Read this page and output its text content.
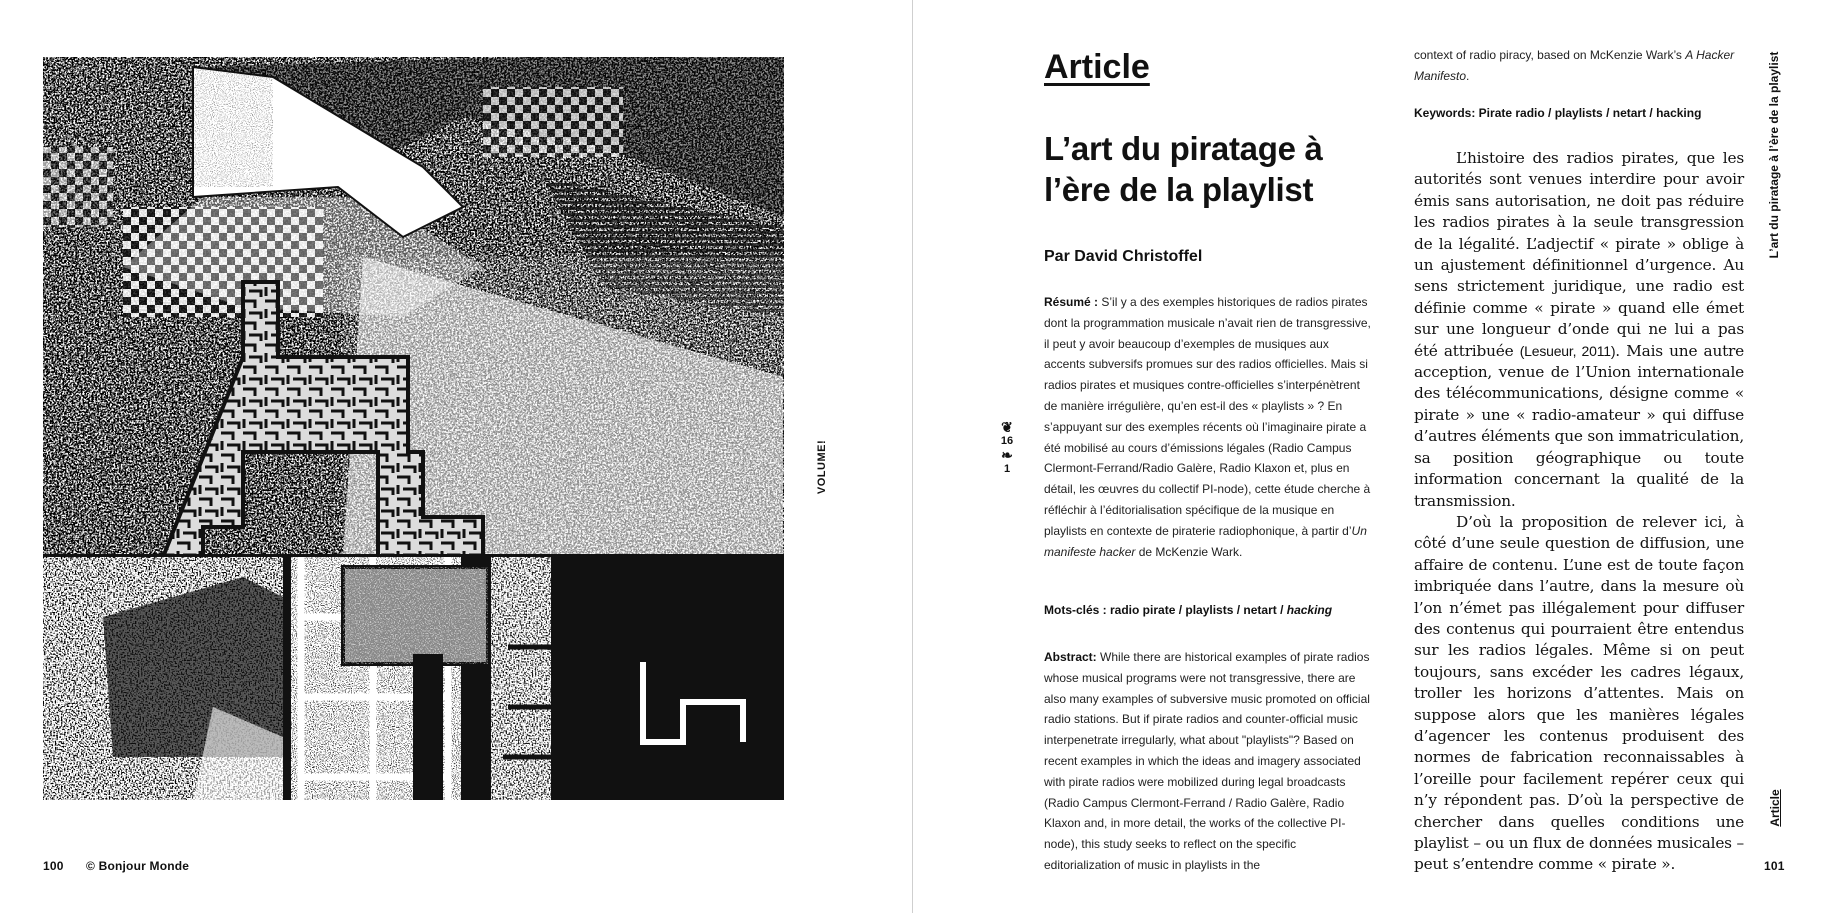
VOLUME!
100 © Bonjour Monde
❦
16
❧
1
Article
L’art du piratage à l’ère de la playlist
Par David Christoffel
Résumé : S’il y a des exemples historiques de radios pirates dont la programmation musicale n’avait rien de transgressive, il peut y avoir beaucoup d’exemples de musiques aux accents subversifs promues sur des radios officielles. Mais si radios pirates et musiques contre-officielles s’interpénètrent de manière irrégulière, qu’en est-il des « playlists » ? En s’appuyant sur des exemples récents où l’imaginaire pirate a été mobilisé au cours d’émissions légales (Radio Campus Clermont-Ferrand/Radio Galère, Radio Klaxon et, plus en détail, les œuvres du collectif PI-node), cette étude cherche à réfléchir à l’éditorialisation spécifique de la musique en playlists en contexte de piraterie radiophonique, à partir d’Un manifeste hacker de McKenzie Wark.
Mots-clés : radio pirate / playlists / netart / hacking
Abstract: While there are historical examples of pirate radios whose musical programs were not transgressive, there are also many examples of subversive music promoted on official radio stations. But if pirate radios and counter-official music interpenetrate irregularly, what about "playlists"? Based on recent examples in which the ideas and imagery associated with pirate radios were mobilized during legal broadcasts (Radio Campus Clermont-Ferrand / Radio Galère, Radio Klaxon and, in more detail, the works of the collective PI-node), this study seeks to reflect on the specific editorialization of music in playlists in the
context of radio piracy, based on McKenzie Wark’s A Hacker Manifesto.
Keywords: Pirate radio / playlists / netart / hacking

L’histoire des radios pirates, que les autorités sont venues interdire pour avoir émis sans autorisation, ne doit pas réduire les radios pirates à la seule transgression de la légalité. L’adjectif « pirate » oblige à un ajustement définitionnel d’urgence. Au sens strictement juridique, une radio est définie comme « pirate » quand elle émet sur une longueur d’onde qui ne lui a pas été attribuée (Lesueur, 2011). Mais une autre acception, venue de l’Union internationale des télécommunications, désigne comme « pirate » une « radio-amateur » qui diffuse d’autres éléments que son immatriculation, sa position géographique ou toute information concernant la qualité de la transmission.

D’où la proposition de relever ici, à côté d’une seule question de diffusion, une affaire de contenu. L’une est de toute façon imbriquée dans l’autre, dans la mesure où l’on n’émet pas illégalement pour diffuser des contenus qui pourraient être entendus sur les radios légales. Même si on peut toujours, sans excéder les cadres légaux, troller les horizons d’attentes. Mais on suppose alors que les manières légales d’agencer les contenus produisent des normes de fabrication reconnaissables à l’oreille pour facilement repérer ceux qui n’y répondent pas. D’où la perspective de chercher dans quelles conditions une playlist – ou un flux de données musicales – peut s’entendre comme « pirate ».

L’art du piratage à l’ère de la playlist
Article
101
